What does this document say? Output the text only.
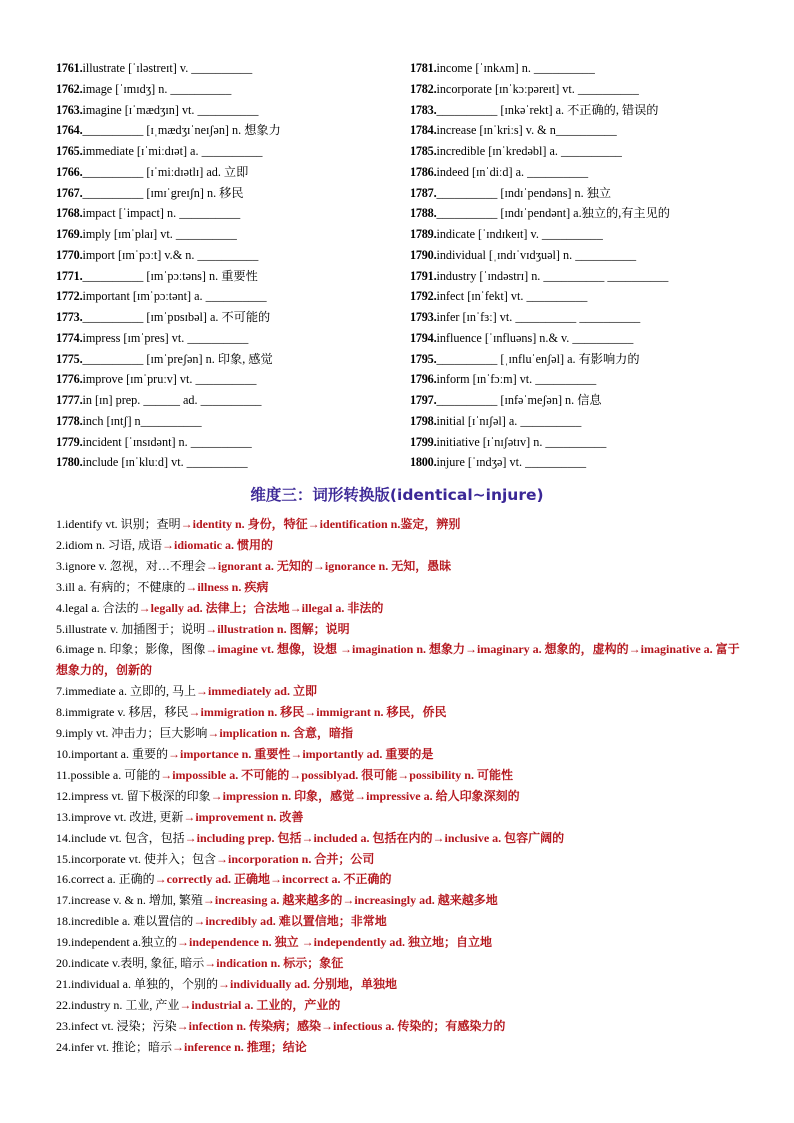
1761.illustrate [ˈɪləstreɪt] v. __________
1762.image [ˈɪmɪdʒ] n. __________
1763.imagine [ɪˈmædʒɪn] vt. __________
1764.__________ [ɪˌmædʒɪˈneɪʃən] n. 想象力
1765.immediate [ɪˈmiːdɪət] a. __________
1766.__________ [ɪˈmiːdɪətlɪ] ad. 立即
1767.__________ [ɪmɪˈgreɪʃn] n. 移民
1768.impact [ˈimpact] n. __________
1769.imply [ɪmˈplaɪ] vt. __________
1770.import [ɪmˈpɔːt] v.& n. __________
1771.__________ [ɪmˈpɔːtəns] n. 重要性
1772.important [ɪmˈpɔːtənt] a. __________
1773.__________ [ɪmˈpɒsɪbəl] a. 不可能的
1774.impress [ɪmˈpres] vt. __________
1775.__________ [ɪmˈpreʃən] n. 印象, 感觉
1776.improve [ɪmˈpruːv] vt. __________
1777.in [ɪn] prep. ______ ad. __________
1778.inch [ɪntʃ] n__________
1779.incident [ˈɪnsɪdənt] n. __________
1780.include [ɪnˈkluːd] vt. __________
1781.income [ˈɪnkʌm] n. __________
1782.incorporate [ɪnˈkɔːpəreɪt] vt. __________
1783.__________ [ɪnkəˈrekt] a. 不正确的, 错误的
1784.increase [ɪnˈkriːs] v. & n__________
1785.incredible [ɪnˈkredəbl] a. __________
1786.indeed [ɪnˈdiːd] a. __________
1787.__________ [ɪndɪˈpendəns] n. 独立
1788.__________ [ɪndɪˈpendənt] a.独立的,有主见的
1789.indicate [ˈɪndɪkeɪt] v. __________
1790.individual [ˌɪndɪˈvɪdʒuəl] n. __________
1791.industry [ˈɪndəstrɪ] n. __________ __________
1792.infect [ɪnˈfekt] vt. __________
1793.infer [ɪnˈfɜː] vt. __________ __________
1794.influence [ˈɪnfluəns] n.& v. __________
1795.__________ [ˌɪnfluˈenʃəl] a. 有影响力的
1796.inform [ɪnˈfɔːm] vt. __________
1797.__________ [ɪnfəˈmeʃən] n. 信息
1798.initial [ɪˈnɪʃəl] a. __________
1799.initiative [ɪˈnɪʃətɪv] n. __________
1800.injure [ˈɪndʒə] vt. __________
维度三：词形转换版(identical~injure)
1.identify vt. 识别；查明→identity n. 身份，特征→identification n.鉴定，辨别
2.idiom n. 习语, 成语→idiomatic a. 惯用的
3.ignore v. 忽视，对…不理会→ignorant a. 无知的→ignorance n. 无知，愚昧
3.ill a. 有病的；不健康的→illness n. 疾病
4.legal a. 合法的→legally ad. 法律上；合法地→illegal a. 非法的
5.illustrate v. 加插图于；说明→illustration n. 图解；说明
6.image n. 印象；影像，图像→imagine vt. 想像，设想 →imagination n. 想象力→imaginary a. 想象的，虚构的→imaginative a. 富于想象力的，创新的
7.immediate a. 立即的, 马上→immediately ad. 立即
8.immigrate v. 移居，移民→immigration n. 移民→immigrant n. 移民，侨民
9.imply vt. 冲击力；巨大影响→implication n. 含意，暗指
10.important a. 重要的→importance n. 重要性→importantly ad. 重要的是
11.possible a. 可能的→impossible a. 不可能的→possiblyad. 很可能→possibility n. 可能性
12.impress vt. 留下极深的印象→impression n. 印象，感觉→impressive a. 给人印象深刻的
13.improve vt. 改进, 更新→improvement n. 改善
14.include vt. 包含，包括→including prep. 包括→included a. 包括在内的→inclusive a. 包容广阔的
15.incorporate vt. 使并入；包含→incorporation n. 合并；公司
16.correct a. 正确的→correctly ad. 正确地→incorrect a. 不正确的
17.increase v. & n. 增加, 繁殖→increasing a. 越来越多的→increasingly ad. 越来越多地
18.incredible a. 难以置信的→incredibly ad. 难以置信地；非常地
19.independent a.独立的→independence n. 独立 →independently ad. 独立地；自立地
20.indicate v.表明, 象征, 暗示→indication n. 标示；象征
21.individual a. 单独的，个别的→individually ad. 分别地，单独地
22.industry n. 工业, 产业→industrial a. 工业的，产业的
23.infect vt. 浸染；污染→infection n. 传染病；感染→infectious a. 传染的；有感染力的
24.infer vt. 推论；暗示→inference n. 推理；结论
